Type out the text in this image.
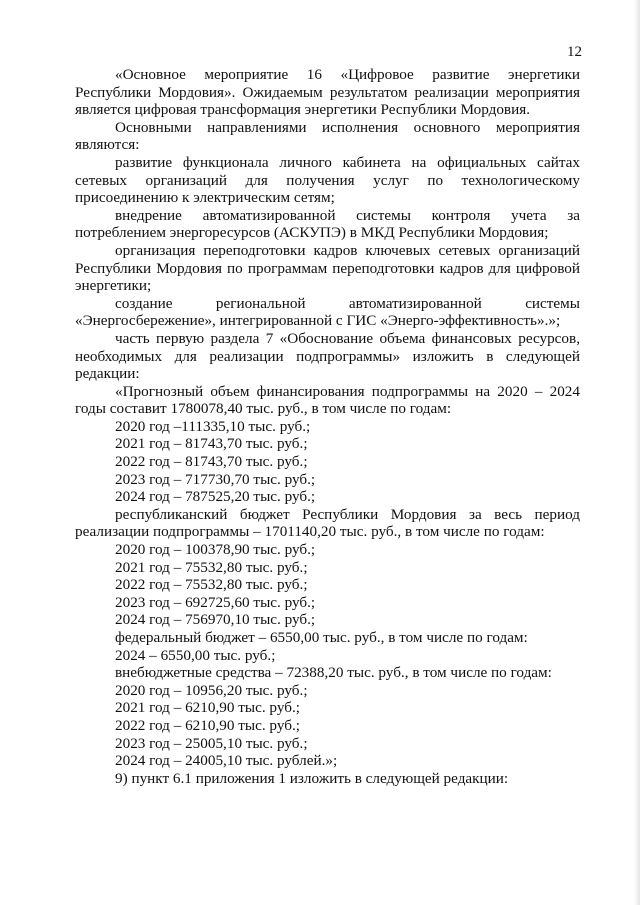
12

«Основное мероприятие 16 «Цифровое развитие энергетики Республики Мордовия». Ожидаемым результатом реализации мероприятия является цифровая трансформация энергетики Республики Мордовия.

Основными направлениями исполнения основного мероприятия являются:

развитие функционала личного кабинета на официальных сайтах сетевых организаций для получения услуг по технологическому присоединению к электрическим сетям;

внедрение автоматизированной системы контроля учета за потреблением энергоресурсов (АСКУПЭ) в МКД Республики Мордовия;

организация переподготовки кадров ключевых сетевых организаций Республики Мордовия по программам переподготовки кадров для цифровой энергетики;

создание региональной автоматизированной системы «Энергосбережение», интегрированной с ГИС «Энерго-эффективность».»;

часть первую раздела 7 «Обоснование объема финансовых ресурсов, необходимых для реализации подпрограммы» изложить в следующей редакции:

«Прогнозный объем финансирования подпрограммы на 2020 – 2024 годы составит 1780078,40 тыс. руб., в том числе по годам:

2020 год –111335,10 тыс. руб.;

2021 год – 81743,70 тыс. руб.;

2022 год – 81743,70 тыс. руб.;

2023 год – 717730,70 тыс. руб.;

2024 год – 787525,20 тыс. руб.;

республиканский бюджет Республики Мордовия за весь период реализации подпрограммы – 1701140,20 тыс. руб., в том числе по годам:

2020 год – 100378,90 тыс. руб.;

2021 год – 75532,80 тыс. руб.;

2022 год – 75532,80 тыс. руб.;

2023 год – 692725,60 тыс. руб.;

2024 год – 756970,10 тыс. руб.;

федеральный бюджет – 6550,00 тыс. руб., в том числе по годам:

2024 – 6550,00 тыс. руб.;

внебюджетные средства – 72388,20 тыс. руб., в том числе по годам:

2020 год – 10956,20 тыс. руб.;

2021 год – 6210,90 тыс. руб.;

2022 год – 6210,90 тыс. руб.;

2023 год – 25005,10 тыс. руб.;

2024 год – 24005,10 тыс. рублей.»;

9) пункт 6.1 приложения 1 изложить в следующей редакции:
